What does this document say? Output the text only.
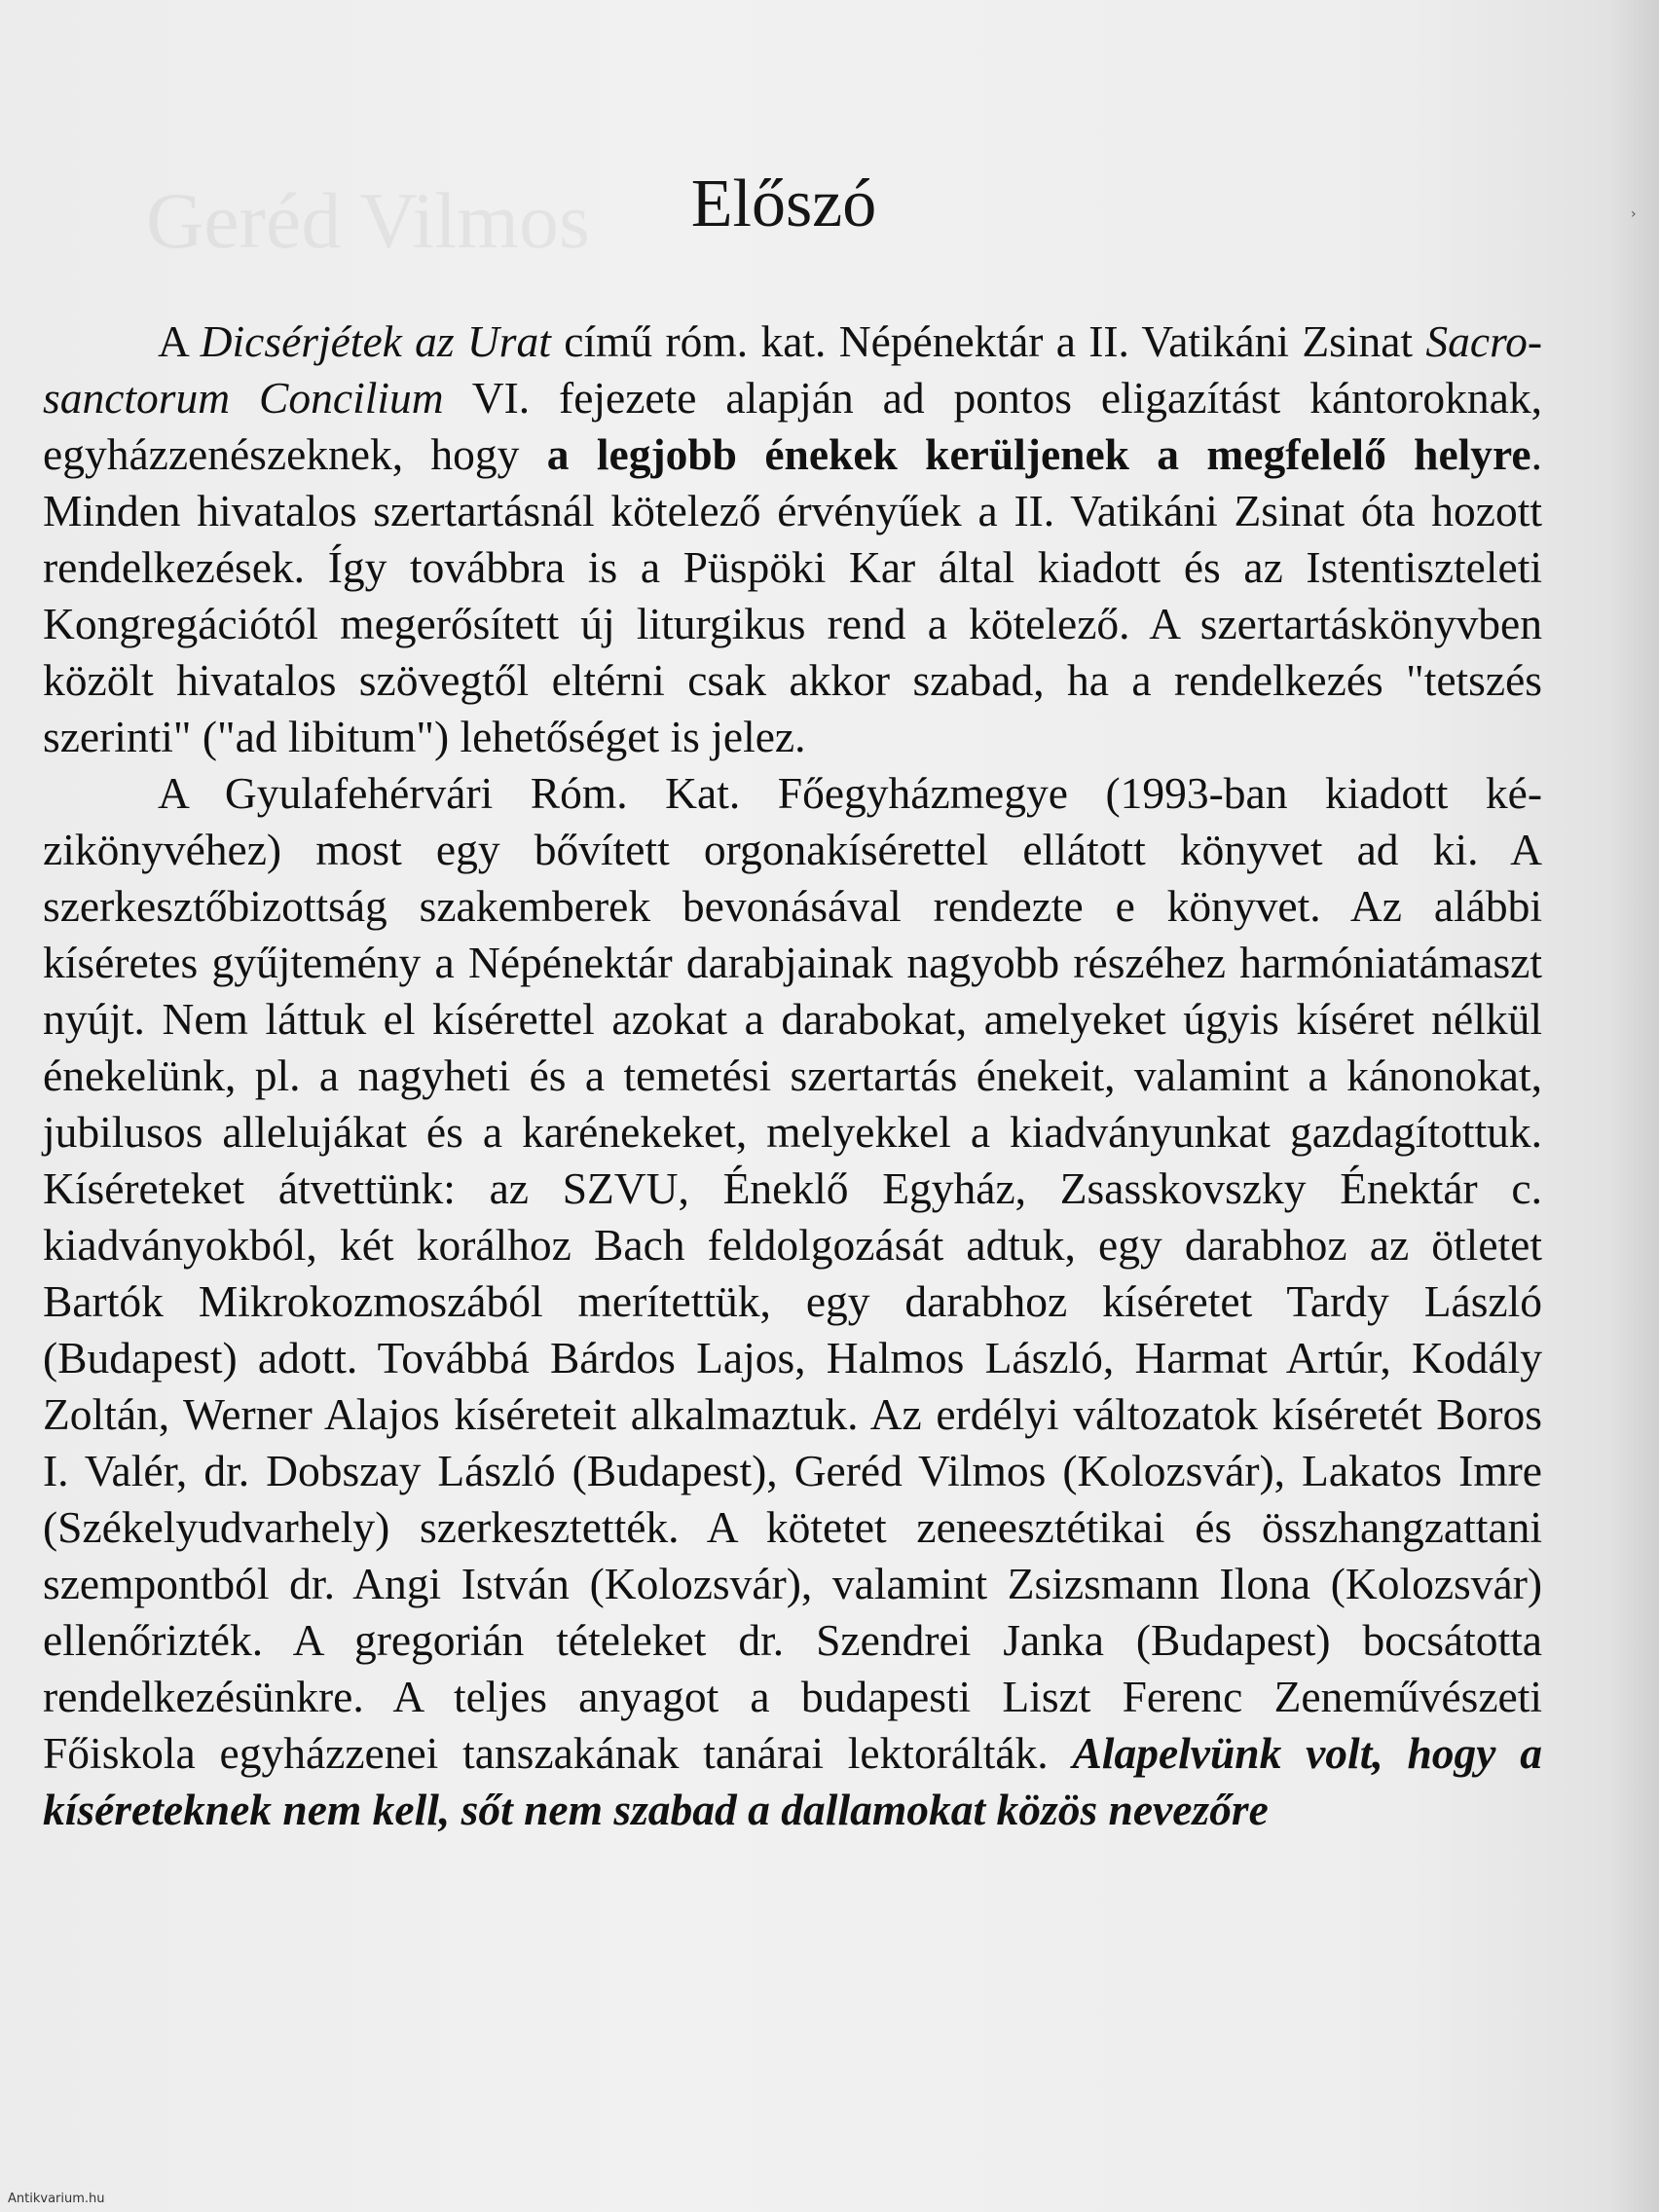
Geréd Vilmos	›
Előszó

A Dicsérjétek az Urat című róm. kat. Népénektár a II. Vatikáni Zsinat Sacro-sanctorum Concilium VI. fejezete alapján ad pontos eligazítást kántoroknak, egyházzenészeknek, hogy a legjobb énekek kerüljenek a megfelelő helyre. Minden hivatalos szertartásnál kötelező érvényűek a II. Vatikáni Zsinat óta hozott rendelkezések. Így továbbra is a Püspöki Kar által kiadott és az Istentiszteleti Kongregációtól megerősített új liturgikus rend a kötelező. A szertartáskönyvben közölt hivatalos szövegtől eltérni csak akkor szabad, ha a rendelkezés "tetszés szerinti" ("ad libitum") lehetőséget is jelez.

A Gyulafehérvári Róm. Kat. Főegyházmegye (1993-ban kiadott kézikönyvéhez) most egy bővített orgonakísérettel ellátott könyvet ad ki. A szerkesztőbizottság szakemberek bevonásával rendezte e könyvet. Az alábbi kíséretes gyűjtemény a Népénektár darabjainak nagyobb részéhez harmóniatámaszt nyújt. Nem láttuk el kísérettel azokat a darabokat, amelyeket úgyis kíséret nélkül énekelünk, pl. a nagyheti és a temetési szertartás énekeit, valamint a kánonokat, jubilusos allelujákat és a karénekeket, melyekkel a kiadványunkat gazdagítottuk. Kíséreteket átvettünk: az SZVU, Éneklő Egyház, Zsasskovszky Énektár c. kiadványokból, két korálhoz Bach feldolgozását adtuk, egy darabhoz az ötletet Bartók Mikrokozmoszából merítettük, egy darabhoz kíséretet Tardy László (Budapest) adott. Továbbá Bárdos Lajos, Halmos László, Harmat Artúr, Kodály Zoltán, Werner Alajos kíséreteit alkalmaztuk. Az erdélyi változatok kíséretét Boros I. Valér, dr. Dobszay László (Budapest), Geréd Vilmos (Kolozsvár), Lakatos Imre (Székelyudvarhely) szerkesztették. A kötetet zeneesztétikai és összhangzattani szempontból dr. Angi István (Kolozsvár), valamint Zsizsmann Ilona (Kolozsvár) ellenőrizték. A gregorián tételeket dr. Szendrei Janka (Budapest) bocsátotta rendelkezésünkre. A teljes anyagot a budapesti Liszt Ferenc Zeneművészeti Főiskola egyházzenei tanszakának tanárai lektorálták. Alapelvünk volt, hogy a kíséreteknek nem kell, sőt nem szabad a dallamokat közös nevezőre

Antikvarium.hu
